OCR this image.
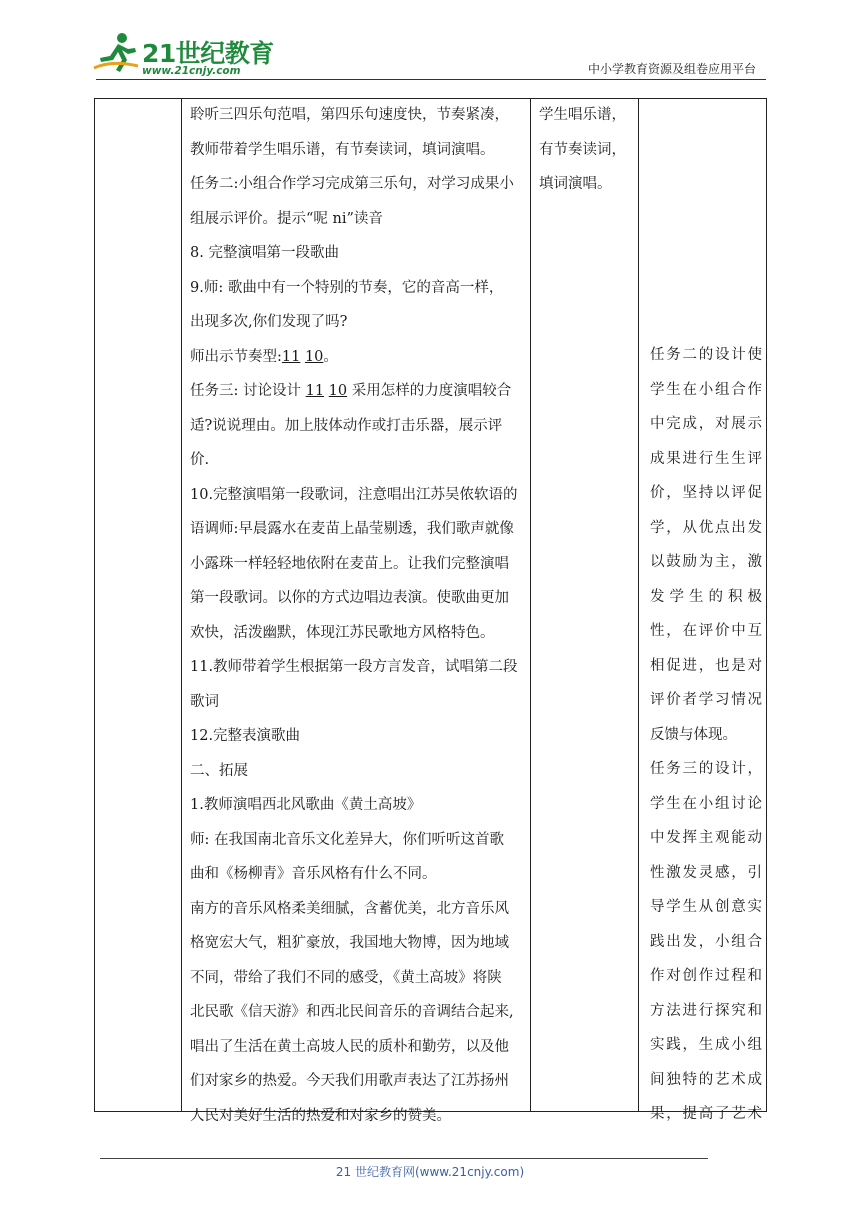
21世纪教育
www.21cnjy.com	中小学教育资源及组卷应用平台
聆听三四乐句范唱，第四乐句速度快，节奏紧凑，
教师带着学生唱乐谱，有节奏读词，填词演唱。
任务二:小组合作学习完成第三乐句，对学习成果小
组展示评价。提示“呢 ni”读音
8. 完整演唱第一段歌曲
9.师: 歌曲中有一个特别的节奏，它的音高一样，
出现多次,你们发现了吗?
师出示节奏型:11 10。
任务三: 讨论设计 11 10 采用怎样的力度演唱较合
适?说说理由。加上肢体动作或打击乐器，展示评
价.
10.完整演唱第一段歌词，注意唱出江苏吴侬软语的
语调师:早晨露水在麦苗上晶莹剔透，我们歌声就像
小露珠一样轻轻地依附在麦苗上。让我们完整演唱
第一段歌词。以你的方式边唱边表演。使歌曲更加
欢快，活泼幽默，体现江苏民歌地方风格特色。
11.教师带着学生根据第一段方言发音，试唱第二段
歌词
12.完整表演歌曲
二、拓展
1.教师演唱西北风歌曲《黄土高坡》
师: 在我国南北音乐文化差异大，你们听听这首歌
曲和《杨柳青》音乐风格有什么不同。
南方的音乐风格柔美细腻，含蓄优美，北方音乐风
格宽宏大气，粗犷豪放，我国地大物博，因为地域
不同，带给了我们不同的感受，《黄土高坡》将陕
北民歌《信天游》和西北民间音乐的音调结合起来,
唱出了生活在黄土高坡人民的质朴和勤劳，以及他
们对家乡的热爱。今天我们用歌声表达了江苏扬州
人民对美好生活的热爱和对家乡的赞美。
学生唱乐谱，
有节奏读词，
填词演唱。
任务二的设计使
学生在小组合作
中完成，对展示
成果进行生生评
价，坚持以评促
学，从优点出发
以鼓励为主，激
发学生的积极
性，在评价中互
相促进，也是对
评价者学习情况
反馈与体现。
任务三的设计，
学生在小组讨论
中发挥主观能动
性激发灵感，引
导学生从创意实
践出发，小组合
作对创作过程和
方法进行探究和
实践，生成小组
间独特的艺术成
果，提高了艺术
21 世纪教育网(www.21cnjy.com)
